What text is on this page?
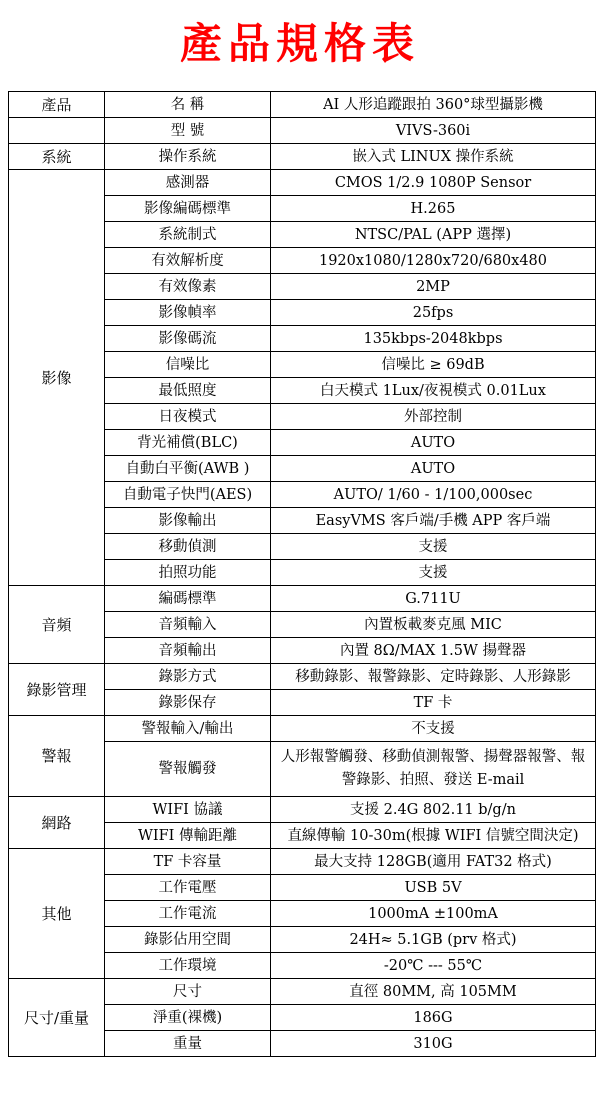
產品規格表
產品	名 稱	AI 人形追蹤跟拍 360°球型攝影機
	型 號	VIVS-360i
系統	操作系統	嵌入式 LINUX 操作系統
影像	感測器	CMOS 1/2.9 1080P Sensor
	影像編碼標準	H.265
	系統制式	NTSC/PAL (APP 選擇)
	有效解析度	1920x1080/1280x720/680x480
	有效像素	2MP
	影像幀率	25fps
	影像碼流	135kbps-2048kbps
	信噪比	信噪比 ≥ 69dB
	最低照度	白天模式 1Lux/夜視模式 0.01Lux
	日夜模式	外部控制
	背光補償(BLC)	AUTO
	自動白平衡(AWB )	AUTO
	自動電子快門(AES)	AUTO/ 1/60 - 1/100,000sec
	影像輸出	EasyVMS 客戶端/手機 APP 客戶端
	移動偵測	支援
	拍照功能	支援
音頻	編碼標準	G.711U
	音頻輸入	內置板載麥克風 MIC
	音頻輸出	內置 8Ω/MAX 1.5W 揚聲器
錄影管理	錄影方式	移動錄影、報警錄影、定時錄影、人形錄影
	錄影保存	TF 卡
警報	警報輸入/輸出	不支援
	警報觸發	人形報警觸發、移動偵測報警、揚聲器報警、報警錄影、拍照、發送 E-mail
網路	WIFI 協議	支援 2.4G 802.11 b/g/n
	WIFI 傳輸距離	直線傳輸 10-30m(根據 WIFI 信號空間決定)
其他	TF 卡容量	最大支持 128GB(適用 FAT32 格式)
	工作電壓	USB 5V
	工作電流	1000mA ±100mA
	錄影佔用空間	24H≈ 5.1GB (prv 格式)
	工作環境	-20℃ --- 55℃
尺寸/重量	尺寸	直徑 80MM, 高 105MM
	淨重(裸機)	186G
	重量	310G
